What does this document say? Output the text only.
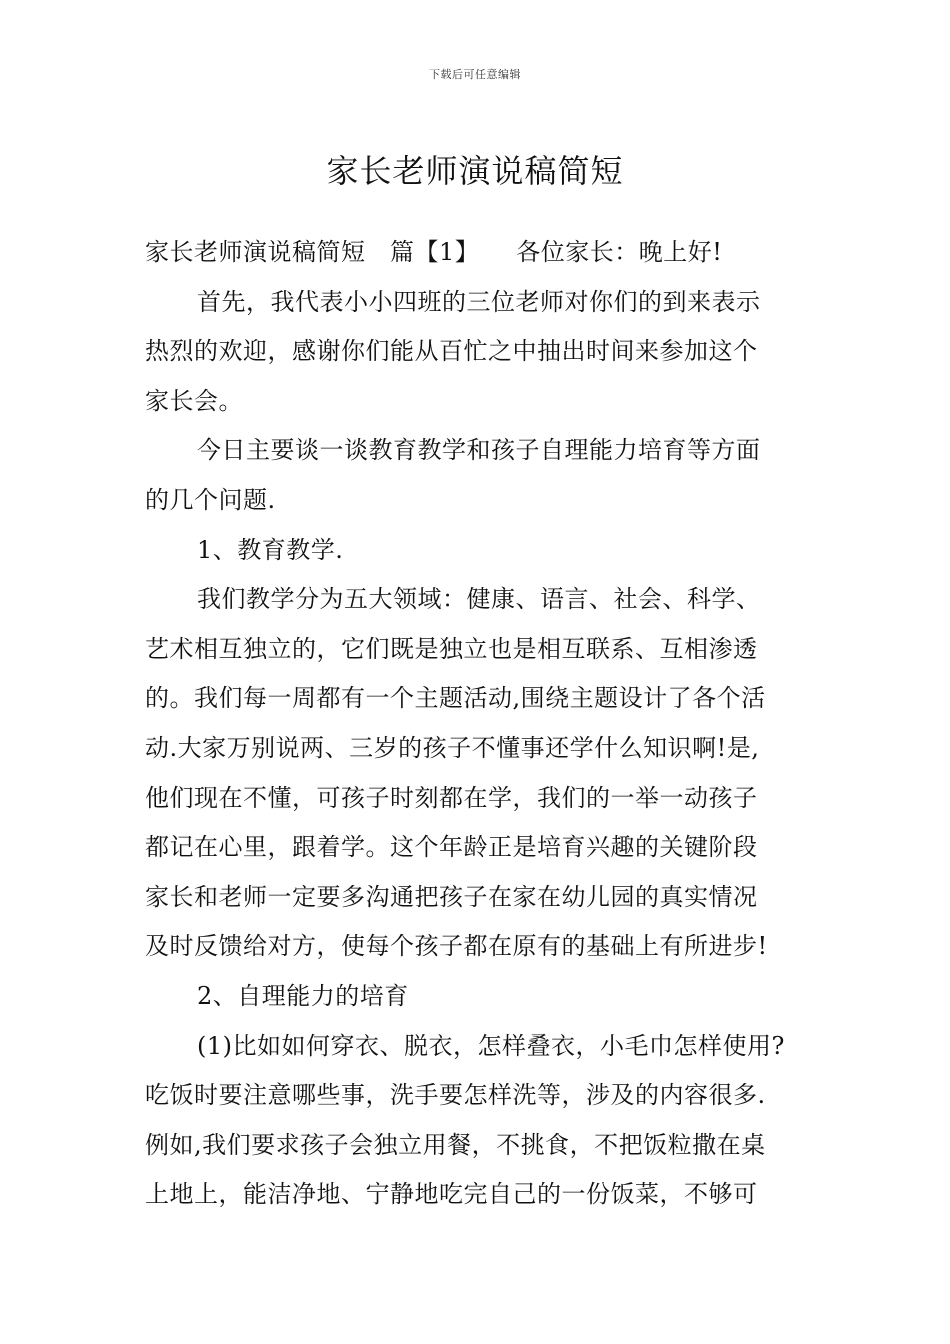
下载后可任意编辑
家长老师演说稿简短
家长老师演说稿简短　篇【1】　　各位家长：晚上好!
首先，我代表小小四班的三位老师对你们的到来表示
热烈的欢迎，感谢你们能从百忙之中抽出时间来参加这个
家长会。
今日主要谈一谈教育教学和孩子自理能力培育等方面
的几个问题.
1、教育教学.
我们教学分为五大领域：健康、语言、社会、科学、
艺术相互独立的，它们既是独立也是相互联系、互相渗透
的。我们每一周都有一个主题活动,围绕主题设计了各个活
动.大家万别说两、三岁的孩子不懂事还学什么知识啊!是,
他们现在不懂，可孩子时刻都在学，我们的一举一动孩子
都记在心里，跟着学。这个年龄正是培育兴趣的关键阶段
家长和老师一定要多沟通把孩子在家在幼儿园的真实情况
及时反馈给对方，使每个孩子都在原有的基础上有所进步!
2、自理能力的培育
(1)比如如何穿衣、脱衣，怎样叠衣，小毛巾怎样使用?
吃饭时要注意哪些事，洗手要怎样洗等，涉及的内容很多.
例如,我们要求孩子会独立用餐，不挑食，不把饭粒撒在桌
上地上，能洁净地、宁静地吃完自己的一份饭菜，不够可
